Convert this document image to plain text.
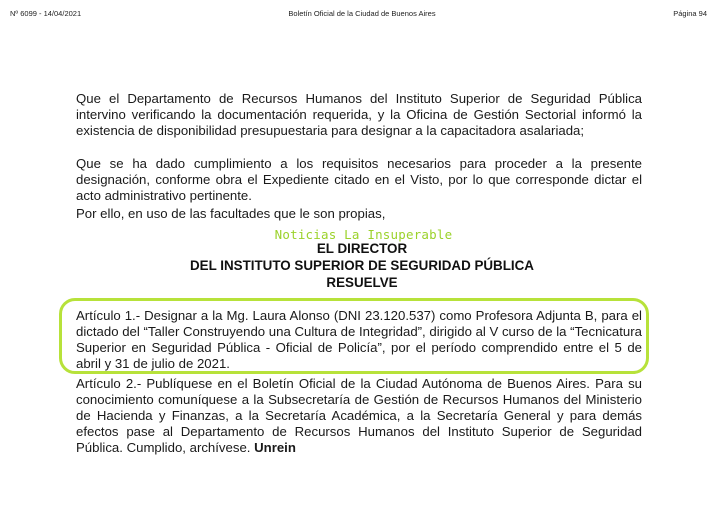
Nº 6099 - 14/04/2021	Boletín Oficial de la Ciudad de Buenos Aires	Página 94
Que el Departamento de Recursos Humanos del Instituto Superior de Seguridad Pública intervino verificando la documentación requerida, y la Oficina de Gestión Sectorial informó la existencia de disponibilidad presupuestaria para designar a la capacitadora asalariada;
Que se ha dado cumplimiento a los requisitos necesarios para proceder a la presente designación, conforme obra el Expediente citado en el Visto, por lo que corresponde dictar el acto administrativo pertinente.
Por ello, en uso de las facultades que le son propias,
Noticias La Insuperable
EL DIRECTOR
DEL INSTITUTO SUPERIOR DE SEGURIDAD PÚBLICA
RESUELVE
Artículo 1.- Designar a la Mg. Laura Alonso (DNI 23.120.537) como Profesora Adjunta B, para el dictado del “Taller Construyendo una Cultura de Integridad”, dirigido al V curso de la “Tecnicatura Superior en Seguridad Pública - Oficial de Policía”, por el período comprendido entre el 5 de abril y 31 de julio de 2021.
Artículo 2.- Publíquese en el Boletín Oficial de la Ciudad Autónoma de Buenos Aires. Para su conocimiento comuníquese a la Subsecretaría de Gestión de Recursos Humanos del Ministerio de Hacienda y Finanzas, a la Secretaría Académica, a la Secretaría General y para demás efectos pase al Departamento de Recursos Humanos del Instituto Superior de Seguridad Pública. Cumplido, archívese. Unrein
